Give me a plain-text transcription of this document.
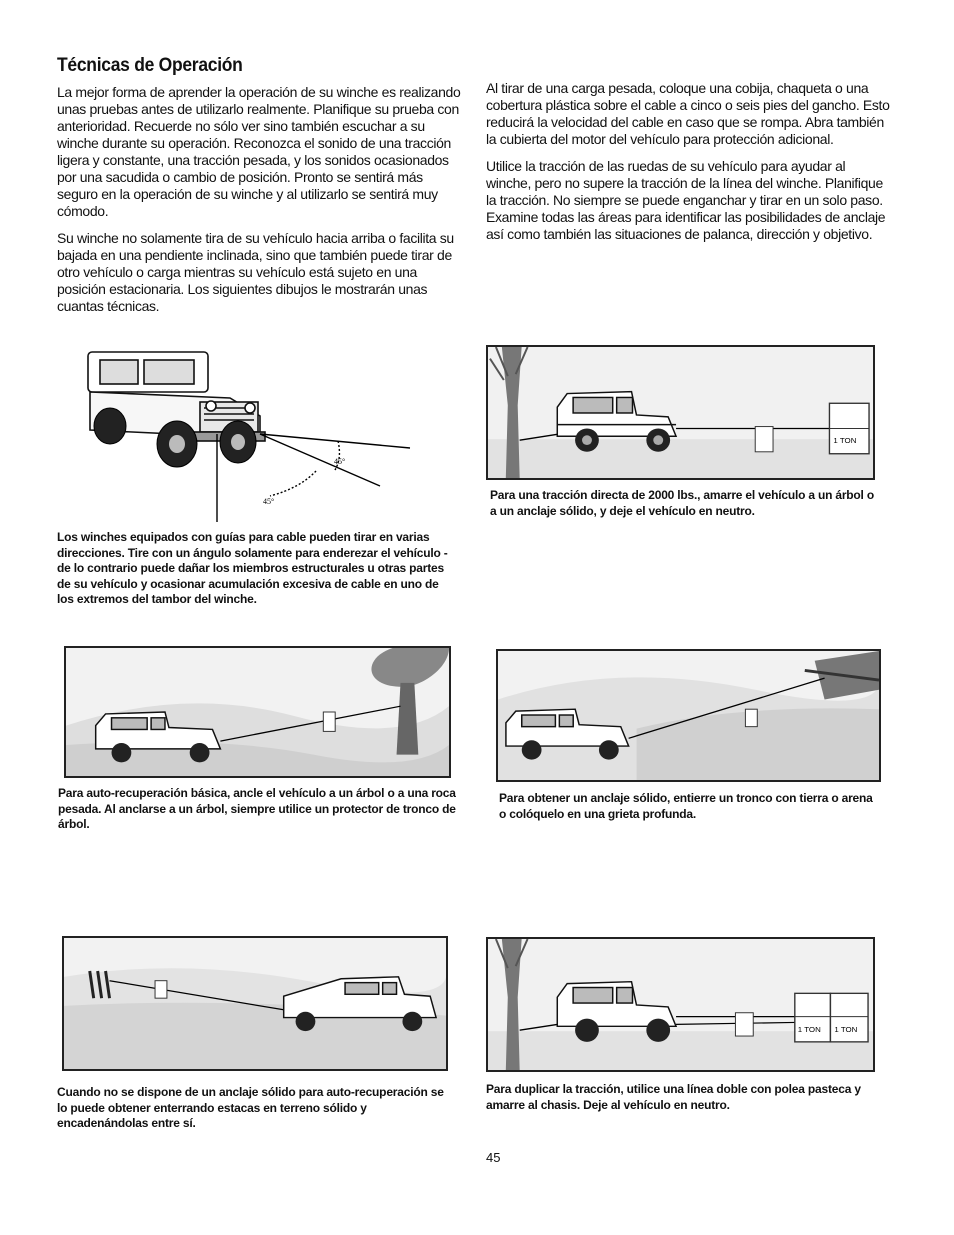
Técnicas de Operación

La mejor forma de aprender la operación de su winche es realizando unas pruebas antes de utilizarlo realmente. Planifique su prueba con anterioridad. Recuerde no sólo ver sino también escuchar a su winche durante su operación. Reconozca el sonido de una tracción ligera y constante, una tracción pesada, y los sonidos ocasionados por una sacudida o cambio de posición. Pronto se sentirá más seguro en la operación de su winche y al utilizarlo se sentirá muy cómodo.

Su winche no solamente tira de su vehículo hacia arriba o facilita su bajada en una pendiente inclinada, sino que también puede tirar de otro vehículo o carga mientras su vehículo está sujeto en una posición estacionaria. Los siguientes dibujos le mostrarán unas cuantas técnicas.

Al tirar de una carga pesada, coloque una cobija, chaqueta o una cobertura plástica sobre el cable a cinco o seis pies del gancho. Esto reducirá la velocidad del cable en caso que se rompa. Abra también la cubierta del motor del vehículo para protección adicional.

Utilice la tracción de las ruedas de su vehículo para ayudar al winche, pero no supere la tracción de la línea del winche. Planifique la tracción. No siempre se puede enganchar y tirar en un solo paso. Examine todas las áreas para identificar las posibilidades de anclaje así como también las situaciones de palanca, dirección y objetivo.

45°
45°
Los winches equipados con guías para cable pueden tirar en varias direcciones. Tire con un ángulo solamente para enderezar el vehículo - de lo contrario puede dañar los miembros estructurales u otras partes de su vehículo y ocasionar acumulación excesiva de cable en uno de los extremos del tambor del winche.
1 TON
Para una tracción directa de 2000 lbs., amarre el vehículo a un árbol o a un anclaje sólido, y deje el vehículo en neutro.
Para auto-recuperación básica, ancle el vehículo a un árbol o a una roca pesada. Al anclarse a un árbol, siempre utilice un protector de tronco de árbol.
Para obtener un anclaje sólido, entierre un tronco con tierra o arena o colóquelo en una grieta profunda.
Cuando no se dispone de un anclaje sólido para auto-recuperación se lo puede obtener enterrando estacas en terreno sólido y encadenándolas entre sí.
1 TON 1 TON
Para duplicar la tracción, utilice una línea doble con polea pasteca y amarre al chasis. Deje al vehículo en neutro.
45
